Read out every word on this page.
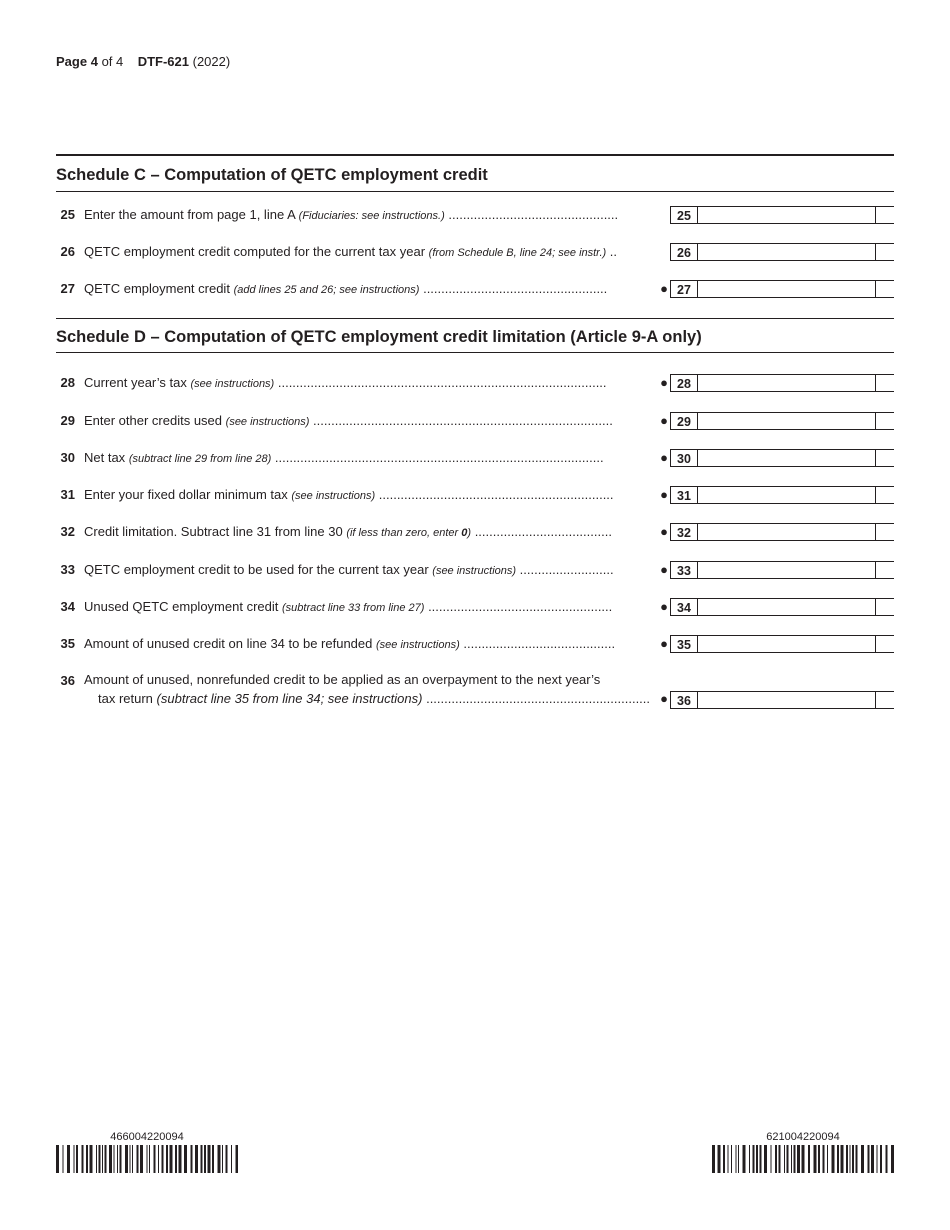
Page 4 of 4 DTF-621 (2022)
Schedule C – Computation of QETC employment credit
25 Enter the amount from page 1, line A (Fiduciaries: see instructions.) ...............................................	25
26 QETC employment credit computed for the current tax year (from Schedule B, line 24; see instr.) ..	26
27 QETC employment credit (add lines 25 and 26; see instructions) ...................................................	● 27
Schedule D – Computation of QETC employment credit limitation (Article 9-A only)
28 Current year’s tax (see instructions) ...........................................................................................	● 28
29 Enter other credits used (see instructions) ...................................................................................	● 29
30 Net tax (subtract line 29 from line 28) ...........................................................................................	● 30
31 Enter your fixed dollar minimum tax (see instructions) .................................................................	● 31
32 Credit limitation. Subtract line 31 from line 30 (if less than zero, enter 0) ......................................	● 32
33 QETC employment credit to be used for the current tax year (see instructions) ..........................	● 33
34 Unused QETC employment credit (subtract line 33 from line 27) ...................................................	● 34
35 Amount of unused credit on line 34 to be refunded (see instructions) ..........................................	● 35
36 Amount of unused, nonrefunded credit to be applied as an overpayment to the next year’s
tax return (subtract line 35 from line 34; see instructions) .............................................................. ● 36
466004220094	621004220094
